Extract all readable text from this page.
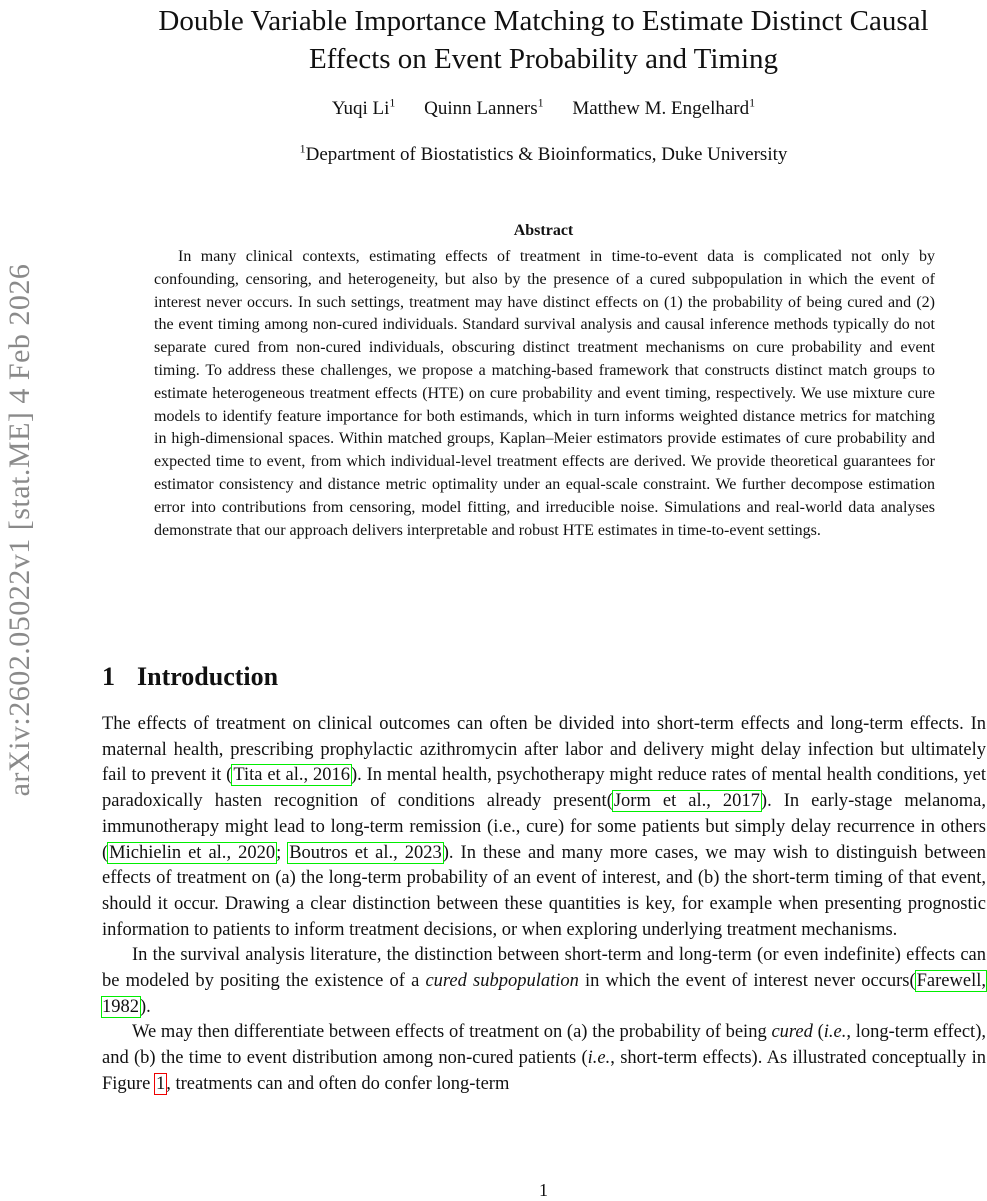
arXiv:2602.05022v1 [stat.ME] 4 Feb 2026
Double Variable Importance Matching to Estimate Distinct Causal
Effects on Event Probability and Timing
Yuqi Li$^1$ Quinn Lanners$^1$ Matthew M. Engelhard$^1$
$^1$Department of Biostatistics & Bioinformatics, Duke University
Abstract

In many clinical contexts, estimating effects of treatment in time-to-event data is complicated not only by confounding, censoring, and heterogeneity, but also by the presence of a cured subpopulation in which the event of interest never occurs. In such settings, treatment may have distinct effects on (1) the probability of being cured and (2) the event timing among non-cured individuals. Standard survival analysis and causal inference methods typically do not separate cured from non-cured individuals, obscuring distinct treatment mechanisms on cure probability and event timing. To address these challenges, we propose a matching-based framework that constructs distinct match groups to estimate heterogeneous treatment effects (HTE) on cure probability and event timing, respectively. We use mixture cure models to identify feature importance for both estimands, which in turn informs weighted distance metrics for matching in high-dimensional spaces. Within matched groups, Kaplan–Meier estimators provide estimates of cure probability and expected time to event, from which individual-level treatment effects are derived. We provide theoretical guarantees for estimator consistency and distance metric optimality under an equal-scale constraint. We further decompose estimation error into contributions from censoring, model fitting, and irreducible noise. Simulations and real-world data analyses demonstrate that our approach delivers interpretable and robust HTE estimates in time-to-event settings.

1 Introduction

The effects of treatment on clinical outcomes can often be divided into short-term effects and long-term effects. In maternal health, prescribing prophylactic azithromycin after labor and delivery might delay infection but ultimately fail to prevent it (Tita et al., 2016). In mental health, psychotherapy might reduce rates of mental health conditions, yet paradoxically hasten recognition of conditions already present(Jorm et al., 2017). In early-stage melanoma, immunotherapy might lead to long-term remission (i.e., cure) for some patients but simply delay recurrence in others (Michielin et al., 2020; Boutros et al., 2023). In these and many more cases, we may wish to distinguish between effects of treatment on (a) the long-term probability of an event of interest, and (b) the short-term timing of that event, should it occur. Drawing a clear distinction between these quantities is key, for example when presenting prognostic information to patients to inform treatment decisions, or when exploring underlying treatment mechanisms.

In the survival analysis literature, the distinction between short-term and long-term (or even indefinite) effects can be modeled by positing the existence of a cured subpopulation in which the event of interest never occurs(Farewell, 1982).

We may then differentiate between effects of treatment on (a) the probability of being cured (i.e., long-term effect), and (b) the time to event distribution among non-cured patients (i.e., short-term effects). As illustrated conceptually in Figure 1, treatments can and often do confer long-term

1
